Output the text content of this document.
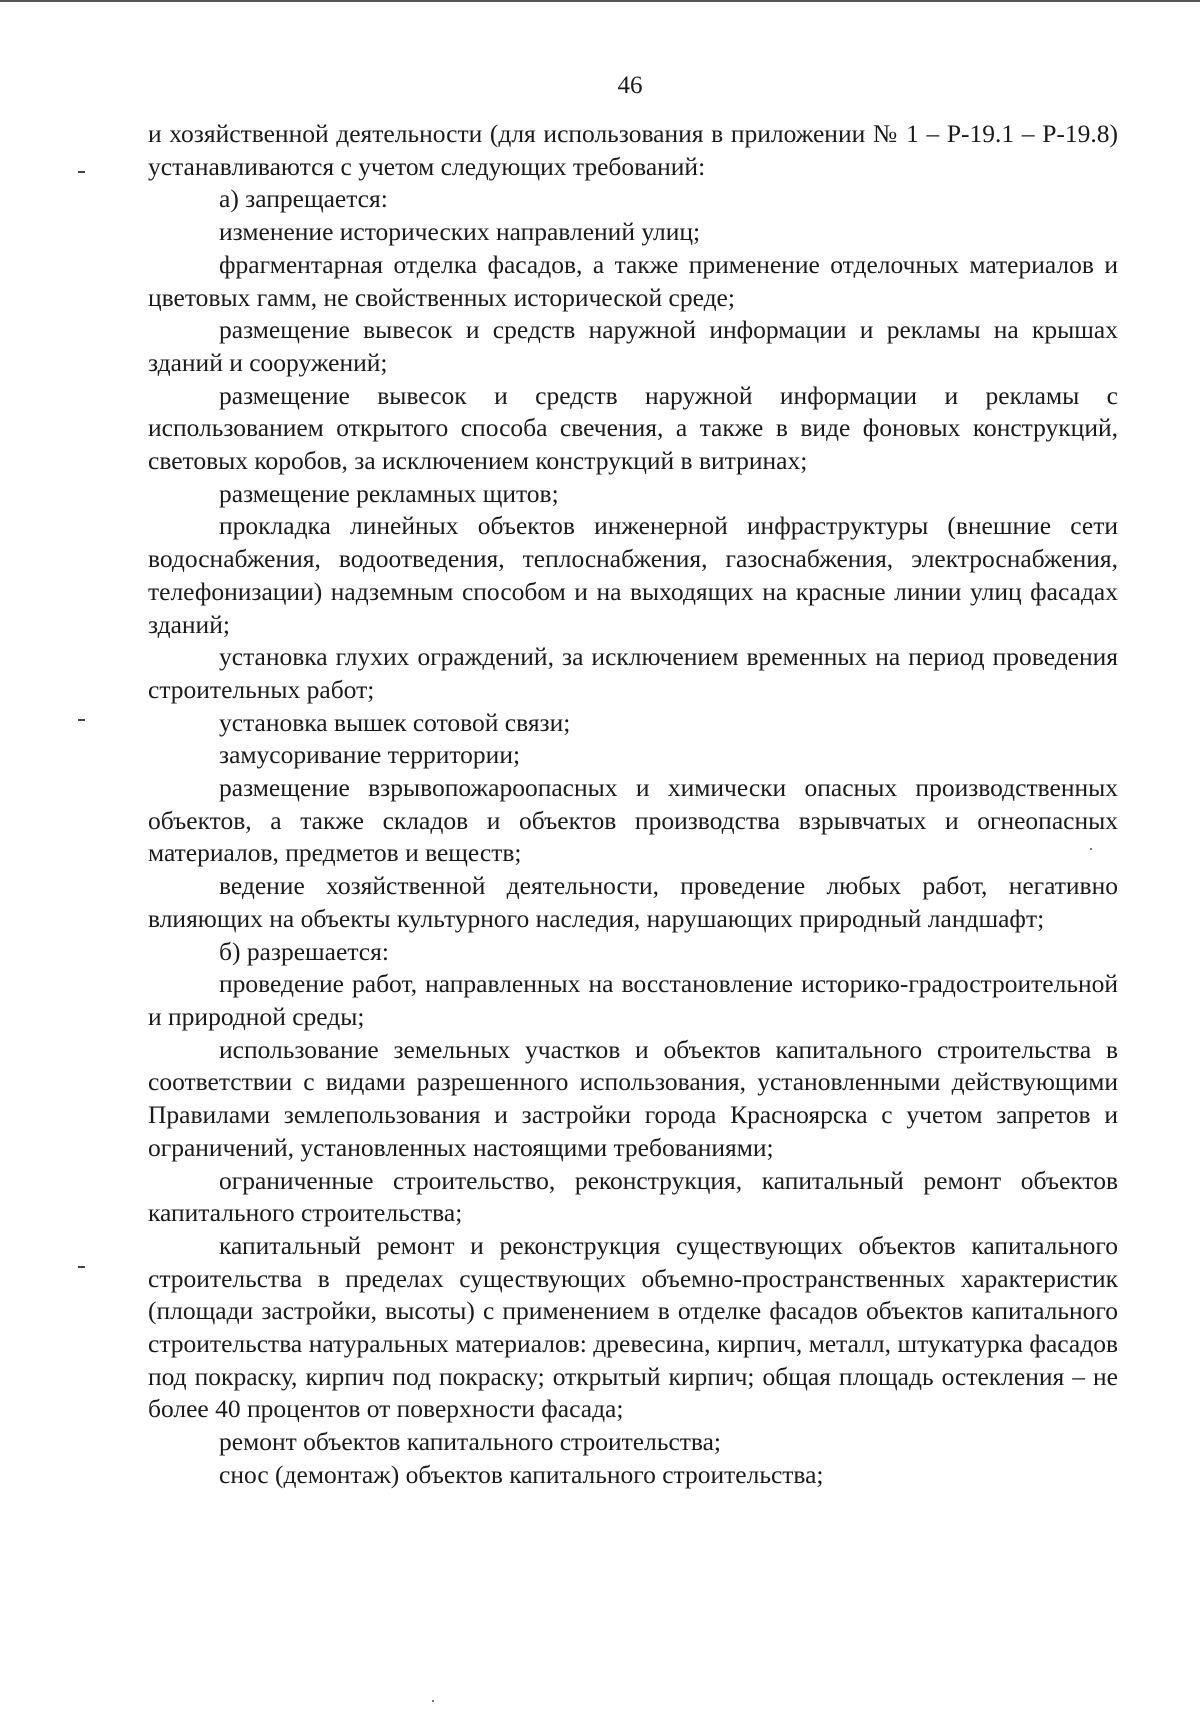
46

и хозяйственной деятельности (для использования в приложении № 1 – Р-19.1 – Р-19.8) устанавливаются с учетом следующих требований:

а) запрещается:

изменение исторических направлений улиц;

фрагментарная отделка фасадов, а также применение отделочных материалов и цветовых гамм, не свойственных исторической среде;

размещение вывесок и средств наружной информации и рекламы на крышах зданий и сооружений;

размещение вывесок и средств наружной информации и рекламы с использованием открытого способа свечения, а также в виде фоновых конструкций, световых коробов, за исключением конструкций в витринах;

размещение рекламных щитов;

прокладка линейных объектов инженерной инфраструктуры (внешние сети водоснабжения, водоотведения, теплоснабжения, газоснабжения, электроснабжения, телефонизации) надземным способом и на выходящих на красные линии улиц фасадах зданий;

установка глухих ограждений, за исключением временных на период проведения строительных работ;

установка вышек сотовой связи;

замусоривание территории;

размещение взрывопожароопасных и химически опасных производственных объектов, а также складов и объектов производства взрывчатых и огнеопасных материалов, предметов и веществ;

ведение хозяйственной деятельности, проведение любых работ, негативно влияющих на объекты культурного наследия, нарушающих природный ландшафт;

б) разрешается:

проведение работ, направленных на восстановление историко-градостроительной и природной среды;

использование земельных участков и объектов капитального строительства в соответствии с видами разрешенного использования, установленными действующими Правилами землепользования и застройки города Красноярска с учетом запретов и ограничений, установленных настоящими требованиями;

ограниченные строительство, реконструкция, капитальный ремонт объектов капитального строительства;

капитальный ремонт и реконструкция существующих объектов капитального строительства в пределах существующих объемно-пространственных характеристик (площади застройки, высоты) с применением в отделке фасадов объектов капитального строительства натуральных материалов: древесина, кирпич, металл, штукатурка фасадов под покраску, кирпич под покраску; открытый кирпич; общая площадь остекления – не более 40 процентов от поверхности фасада;

ремонт объектов капитального строительства;

снос (демонтаж) объектов капитального строительства;
